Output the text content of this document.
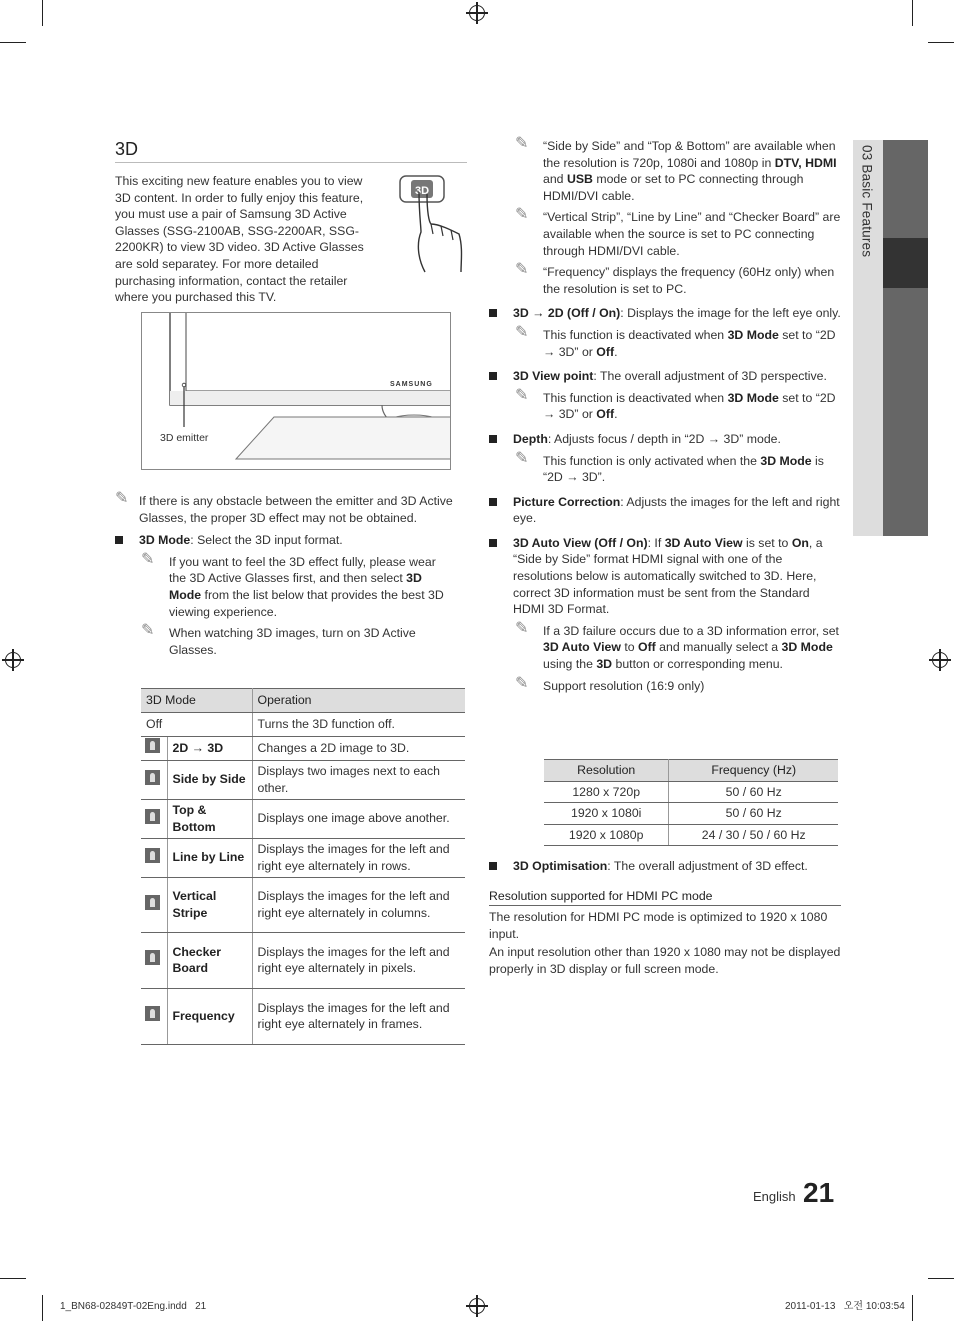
3D

This exciting new feature enables you to view 3D content. In order to fully enjoy this feature, you must use a pair of Samsung 3D Active Glasses (SSG-2100AB, SSG-2200AR, SSG-2200KR) to view 3D video. 3D Active Glasses are sold separatey. For more detailed purchasing information, contact the retailer where you purchased this TV.

3D
SAMSUNG
3D emitter
✎ If there is any obstacle between the emitter and 3D Active Glasses, the proper 3D effect may not be obtained.
3D Mode: Select the 3D input format.
✎ If you want to feel the 3D effect fully, please wear the 3D Active Glasses first, and then select 3D Mode from the list below that provides the best 3D viewing experience.
✎ When watching 3D images, turn on 3D Active Glasses.
3D Mode		Operation
Off		Turns the 3D function off.
	2D → 3D	Changes a 2D image to 3D.
	Side by Side	Displays two images next to each other.
	Top & Bottom	Displays one image above another.
	Line by Line	Displays the images for the left and right eye alternately in rows.
	Vertical Stripe	Displays the images for the left and right eye alternately in columns.
	Checker Board	Displays the images for the left and right eye alternately in pixels.
	Frequency	Displays the images for the left and right eye alternately in frames.
✎ “Side by Side” and “Top & Bottom” are available when the resolution is 720p, 1080i and 1080p in DTV, HDMI and USB mode or set to PC connecting through HDMI/DVI cable.
✎ “Vertical Strip”, “Line by Line” and “Checker Board” are available when the source is set to PC connecting through HDMI/DVI cable.
✎ “Frequency” displays the frequency (60Hz only) when the resolution is set to PC.
3D → 2D (Off / On): Displays the image for the left eye only.
✎ This function is deactivated when 3D Mode set to “2D → 3D” or Off.
3D View point: The overall adjustment of 3D perspective.
✎ This function is deactivated when 3D Mode set to “2D → 3D” or Off.
Depth: Adjusts focus / depth in “2D → 3D” mode.
✎ This function is only activated when the 3D Mode is “2D → 3D”.
Picture Correction: Adjusts the images for the left and right eye.
3D Auto View (Off / On): If 3D Auto View is set to On, a “Side by Side” format HDMI signal with one of the resolutions below is automatically switched to 3D. Here, correct 3D information must be sent from the Standard HDMI 3D Format.
✎ If a 3D failure occurs due to a 3D information error, set 3D Auto View to Off and manually select a 3D Mode using the 3D button or corresponding menu.
✎ Support resolution (16:9 only)
Resolution	Frequency (Hz)
1280 x 720p	50 / 60 Hz
1920 x 1080i	50 / 60 Hz
1920 x 1080p	24 / 30 / 50 / 60 Hz
3D Optimisation: The overall adjustment of 3D effect.
Resolution supported for HDMI PC mode

The resolution for HDMI PC mode is optimized to 1920 x 1080 input.

An input resolution other than 1920 x 1080 may not be displayed properly in 3D display or full screen mode.

03 Basic Features
English 21
1_BN68-02849T-02Eng.indd   21	2011-01-13   오전 10:03:54
